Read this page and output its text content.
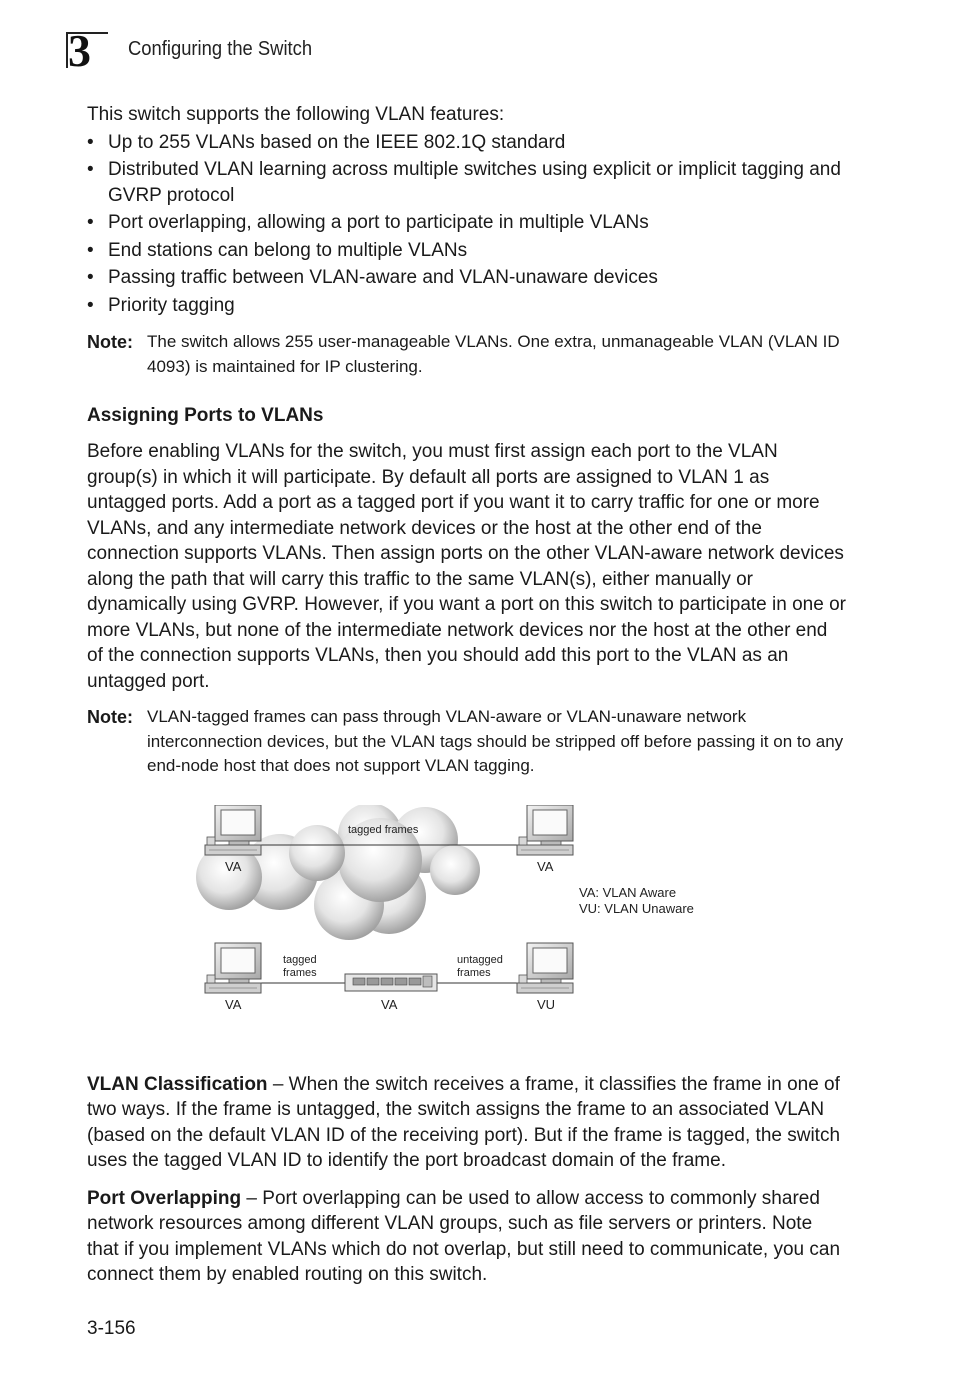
3 Configuring the Switch

This switch supports the following VLAN features:

• Up to 255 VLANs based on the IEEE 802.1Q standard
• Distributed VLAN learning across multiple switches using explicit or implicit tagging and GVRP protocol
• Port overlapping, allowing a port to participate in multiple VLANs
• End stations can belong to multiple VLANs
• Passing traffic between VLAN-aware and VLAN-unaware devices
• Priority tagging
Note: The switch allows 255 user-manageable VLANs. One extra, unmanageable VLAN (VLAN ID 4093) is maintained for IP clustering.
Assigning Ports to VLANs

Before enabling VLANs for the switch, you must first assign each port to the VLAN group(s) in which it will participate. By default all ports are assigned to VLAN 1 as untagged ports. Add a port as a tagged port if you want it to carry traffic for one or more VLANs, and any intermediate network devices or the host at the other end of the connection supports VLANs. Then assign ports on the other VLAN-aware network devices along the path that will carry this traffic to the same VLAN(s), either manually or dynamically using GVRP. However, if you want a port on this switch to participate in one or more VLANs, but none of the intermediate network devices nor the host at the other end of the connection supports VLANs, then you should add this port to the VLAN as an untagged port.

Note: VLAN-tagged frames can pass through VLAN-aware or VLAN-unaware network interconnection devices, but the VLAN tags should be stripped off before passing it on to any end-node host that does not support VLAN tagging.
tagged frames
VA	VA
VA: VLAN Aware
VU: VLAN Unaware
tagged
frames
untagged
frames
VA	VA	VU

VLAN Classification – When the switch receives a frame, it classifies the frame in one of two ways. If the frame is untagged, the switch assigns the frame to an associated VLAN (based on the default VLAN ID of the receiving port). But if the frame is tagged, the switch uses the tagged VLAN ID to identify the port broadcast domain of the frame.

Port Overlapping – Port overlapping can be used to allow access to commonly shared network resources among different VLAN groups, such as file servers or printers. Note that if you implement VLANs which do not overlap, but still need to communicate, you can connect them by enabled routing on this switch.

3-156
